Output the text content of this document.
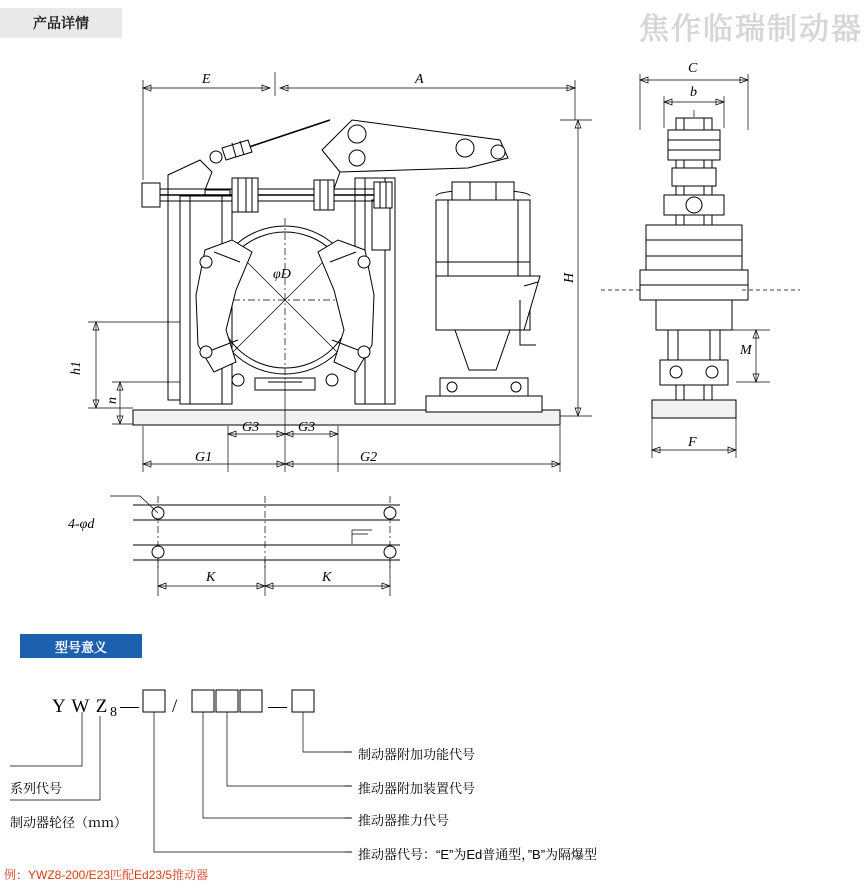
产品详情	焦作临瑞制动器
型号意义
例：YWZ8-200/E23匹配Ed23/5推动器
E	A
φD
h1
n
G3	G3
G1	G2
C
b
H
M
F
4-φd
K	K
Y W Z 8 — /	—
系列代号
制动器轮径（ｍｍ）
制动器附加功能代号
推动器附加装置代号
推动器推力代号
推动器代号：“E”为Ed普通型，”B”为隔爆型
